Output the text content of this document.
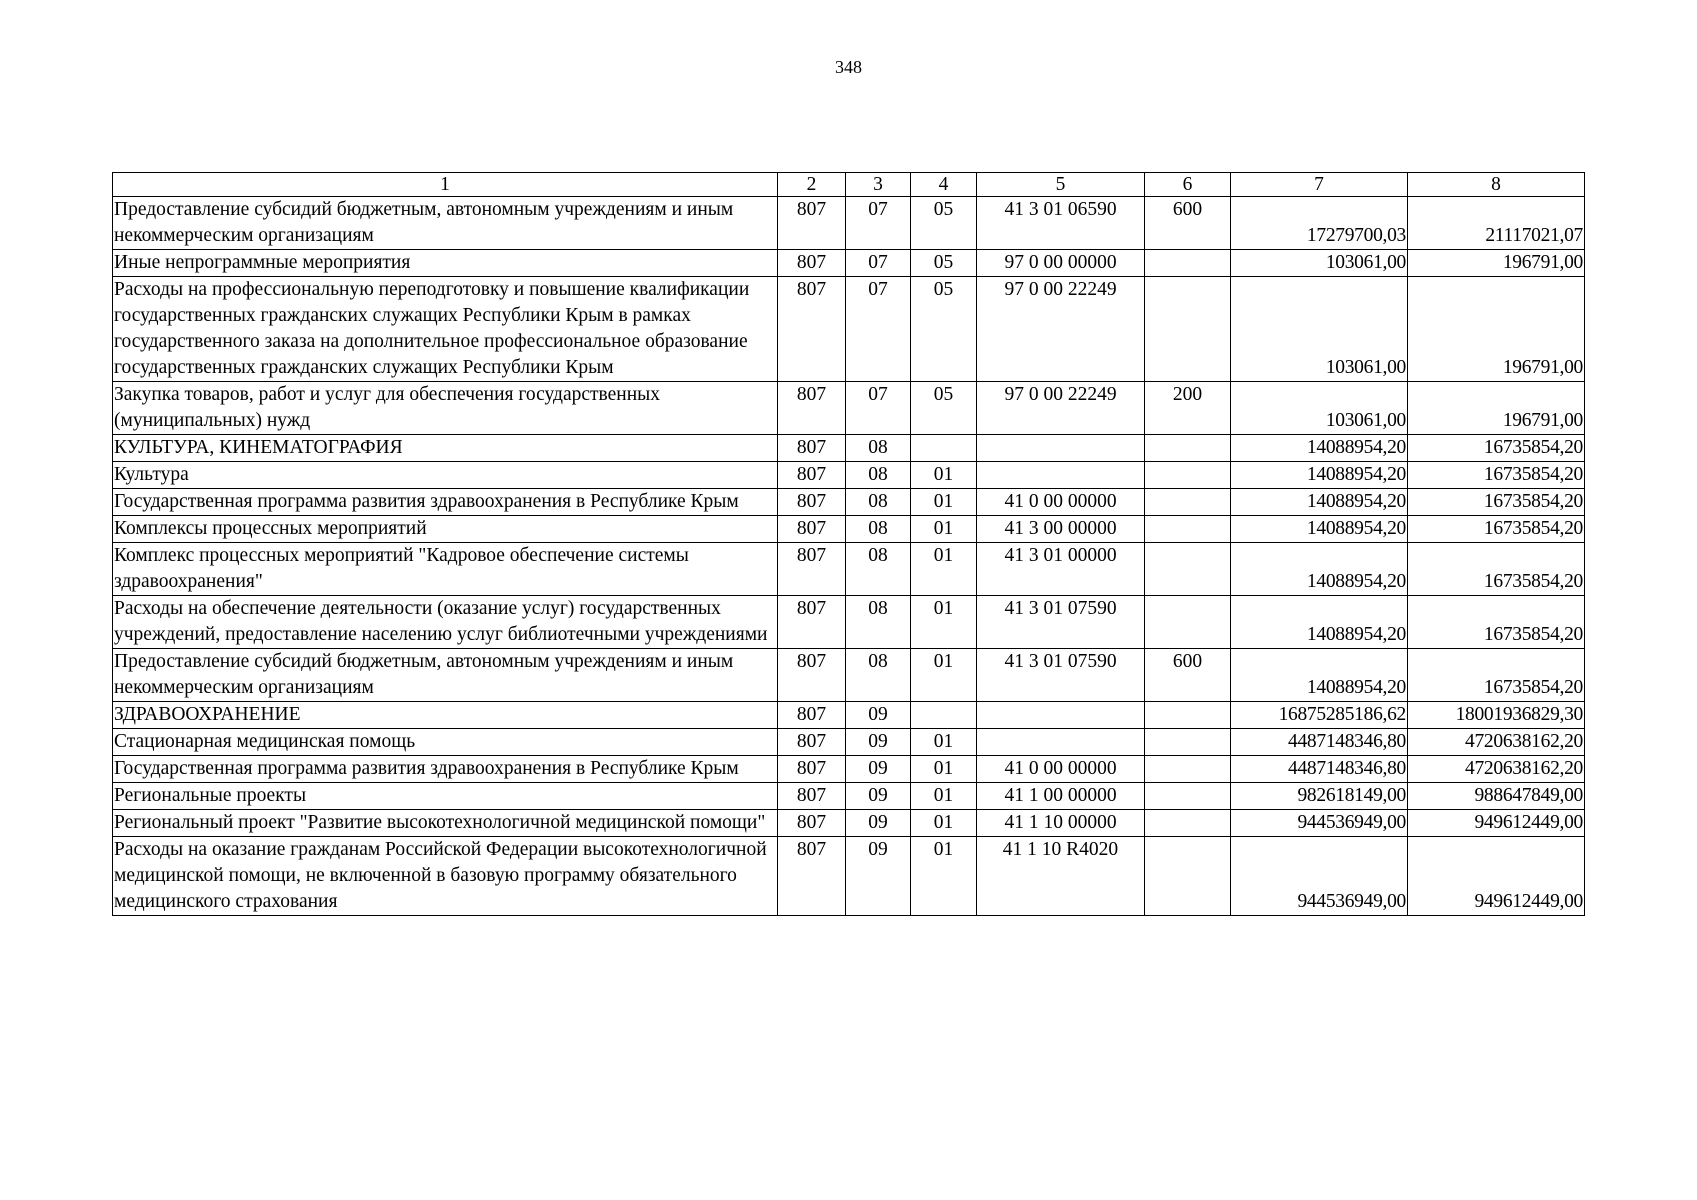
348
1	2	3	4	5	6	7	8
Предоставление субсидий бюджетным, автономным учреждениям и иным некоммерческим организациям	807	07	05	41 3 01 06590	600	17279700,03	21117021,07
Иные непрограммные мероприятия	807	07	05	97 0 00 00000		103061,00	196791,00
Расходы на профессиональную переподготовку и повышение квалификации государственных гражданских служащих Республики Крым в рамках государственного заказа на дополнительное профессиональное образование государственных гражданских служащих Республики Крым	807	07	05	97 0 00 22249		103061,00	196791,00
Закупка товаров, работ и услуг для обеспечения государственных (муниципальных) нужд	807	07	05	97 0 00 22249	200	103061,00	196791,00
КУЛЬТУРА, КИНЕМАТОГРАФИЯ	807	08				14088954,20	16735854,20
Культура	807	08	01			14088954,20	16735854,20
Государственная программа развития здравоохранения в Республике Крым	807	08	01	41 0 00 00000		14088954,20	16735854,20
Комплексы процессных мероприятий	807	08	01	41 3 00 00000		14088954,20	16735854,20
Комплекс процессных мероприятий "Кадровое обеспечение системы здравоохранения"	807	08	01	41 3 01 00000		14088954,20	16735854,20
Расходы на обеспечение деятельности (оказание услуг) государственных учреждений, предоставление населению услуг библиотечными учреждениями	807	08	01	41 3 01 07590		14088954,20	16735854,20
Предоставление субсидий бюджетным, автономным учреждениям и иным некоммерческим организациям	807	08	01	41 3 01 07590	600	14088954,20	16735854,20
ЗДРАВООХРАНЕНИЕ	807	09				16875285186,62	18001936829,30
Стационарная медицинская помощь	807	09	01			4487148346,80	4720638162,20
Государственная программа развития здравоохранения в Республике Крым	807	09	01	41 0 00 00000		4487148346,80	4720638162,20
Региональные проекты	807	09	01	41 1 00 00000		982618149,00	988647849,00
Региональный проект "Развитие высокотехнологичной медицинской помощи"	807	09	01	41 1 10 00000		944536949,00	949612449,00
Расходы на оказание гражданам Российской Федерации высокотехнологичной медицинской помощи, не включенной в базовую программу обязательного медицинского страхования	807	09	01	41 1 10 R4020		944536949,00	949612449,00
